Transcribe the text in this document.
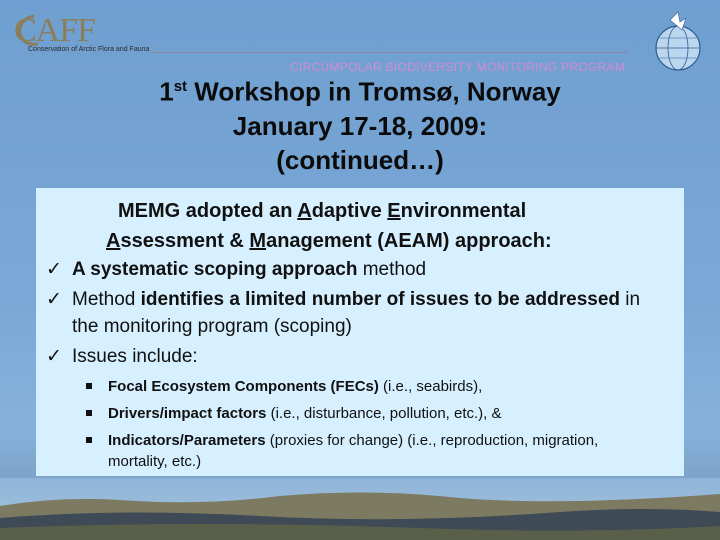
CAFF
Conservation of Arctic Flora and Fauna
CIRCUMPOLAR BIODIVERSITY MONITORING PROGRAM
1st Workshop in Tromsø, Norway
January 17-18, 2009:
(continued…)
MEMG adopted an Adaptive Environmental
Assessment & Management (AEAM) approach:
✓ A systematic scoping approach method
✓ Method identifies a limited number of issues to be addressed in the monitoring program (scoping)
✓ Issues include:
Focal Ecosystem Components (FECs) (i.e., seabirds),
Drivers/impact factors (i.e., disturbance, pollution, etc.), &
Indicators/Parameters (proxies for change) (i.e., reproduction, migration, mortality, etc.)
